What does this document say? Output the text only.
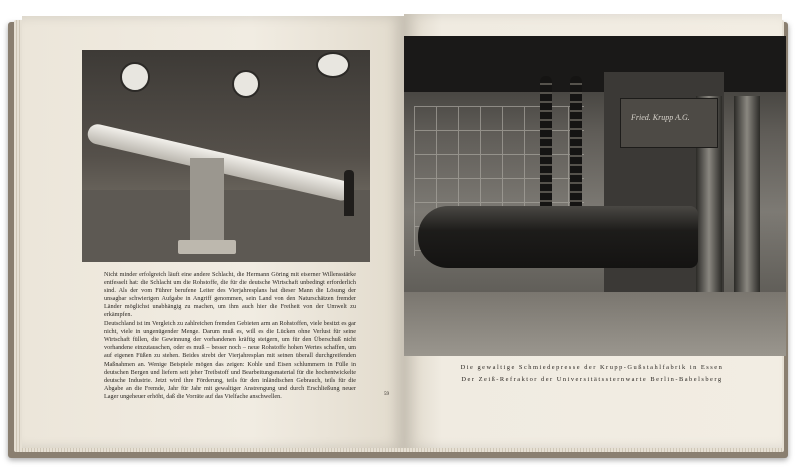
Nicht minder erfolgreich läuft eine andere Schlacht, die Hermann Göring mit eiserner Willensstärke entfesselt hat: die Schlacht um die Rohstoffe, die für die deutsche Wirtschaft unbedingt erforderlich sind. Als der vom Führer berufene Leiter des Vierjahresplans hat dieser Mann die Lösung der unsagbar schwierigen Aufgabe in Angriff genommen, sein Land von den Naturschätzen fremder Länder möglichst unabhängig zu machen, um ihm auch hier die Freiheit von der Umwelt zu erkämpfen.

Deutschland ist im Vergleich zu zahlreichen fremden Gebieten arm an Rohstoffen, viele besitzt es gar nicht, viele in ungenügender Menge. Darum muß es, will es die Lücken ohne Verlust für seine Wirtschaft füllen, die Gewinnung der vorhandenen kräftig steigern, um für den Überschuß nicht vorhandene einzutauschen, oder es muß – besser noch – neue Rohstoffe hohen Wertes schaffen, um auf eigenen Füßen zu stehen. Beides strebt der Vierjahresplan mit seinen überall durchgreifenden Maßnahmen an. Wenige Beispiele mögen das zeigen: Kohle und Eisen schlummern in Fülle in deutschen Bergen und liefern seit jeher Treibstoff und Bearbeitungsmaterial für die hochentwickelte deutsche Industrie. Jetzt wird ihre Förderung, teils für den inländischen Gebrauch, teils für die Abgabe an die Fremde, Jahr für Jahr mit gewaltiger Anstrengung und durch Erschließung neuer Lager ungeheuer erhöht, daß die Vorräte auf das Vielfache anschwellen.	59
Fried. Krupp A.G.
Die gewaltige Schmiedepresse der Krupp-Gußstahlfabrik in Essen
Der Zeiß-Refraktor der Universitätssternwarte Berlin-Babelsberg
